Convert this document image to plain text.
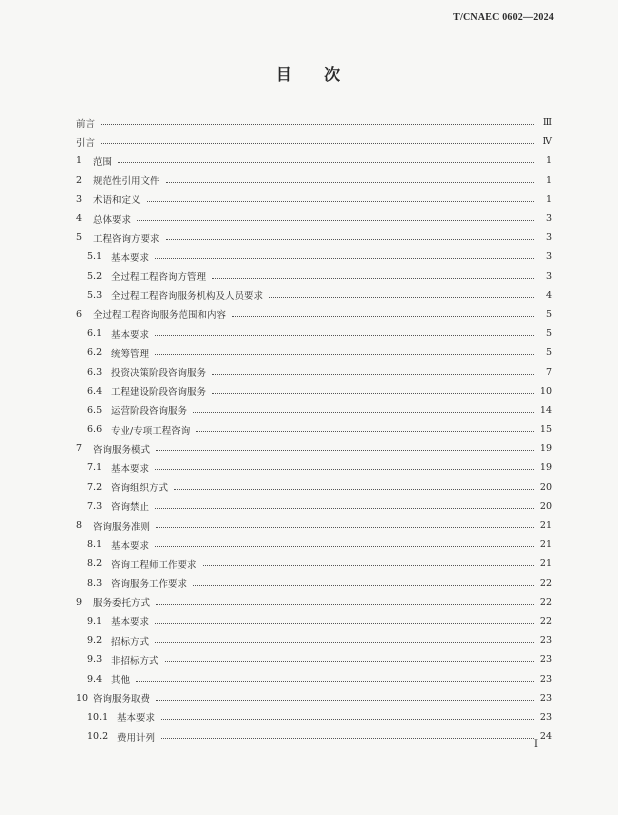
T/CNAEC 0602—2024
目    次
前言	Ⅲ
引言	Ⅳ
1	范围	1
2	规范性引用文件	1
3	术语和定义	1
4	总体要求	3
5	工程咨询方要求	3
5.1 基本要求	3
5.2 全过程工程咨询方管理	3
5.3 全过程工程咨询服务机构及人员要求	4
6	全过程工程咨询服务范围和内容	5
6.1 基本要求	5
6.2 统筹管理	5
6.3 投资决策阶段咨询服务	7
6.4 工程建设阶段咨询服务	10
6.5 运营阶段咨询服务	14
6.6 专业/专项工程咨询	15
7	咨询服务模式	19
7.1 基本要求	19
7.2 咨询组织方式	20
7.3 咨询禁止	20
8	咨询服务准则	21
8.1 基本要求	21
8.2 咨询工程师工作要求	21
8.3 咨询服务工作要求	22
9	服务委托方式	22
9.1 基本要求	22
9.2 招标方式	23
9.3 非招标方式	23
9.4 其他	23
10 咨询服务取费	23
10.1 基本要求	23
10.2 费用计列	24
I
